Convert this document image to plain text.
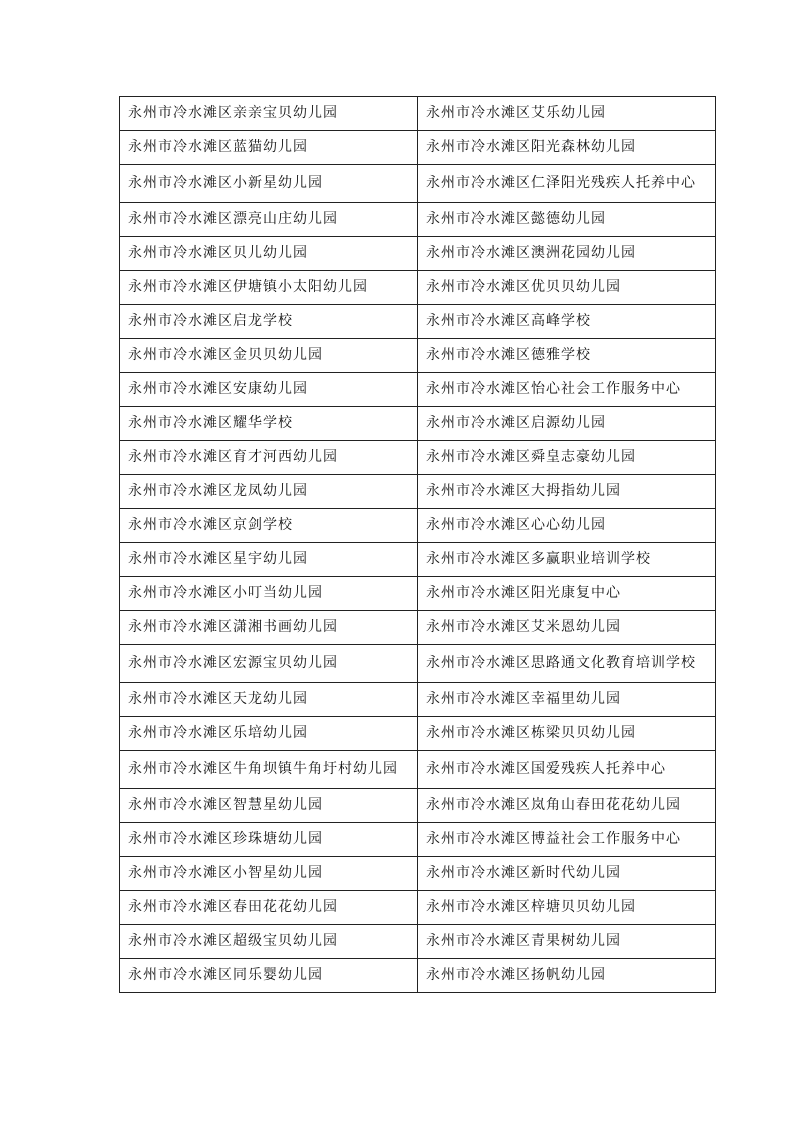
永州市冷水滩区亲亲宝贝幼儿园	永州市冷水滩区艾乐幼儿园
永州市冷水滩区蓝猫幼儿园	永州市冷水滩区阳光森林幼儿园
永州市冷水滩区小新星幼儿园	永州市冷水滩区仁泽阳光残疾人托养中心
永州市冷水滩区漂亮山庄幼儿园	永州市冷水滩区懿德幼儿园
永州市冷水滩区贝儿幼儿园	永州市冷水滩区澳洲花园幼儿园
永州市冷水滩区伊塘镇小太阳幼儿园	永州市冷水滩区优贝贝幼儿园
永州市冷水滩区启龙学校	永州市冷水滩区高峰学校
永州市冷水滩区金贝贝幼儿园	永州市冷水滩区德雅学校
永州市冷水滩区安康幼儿园	永州市冷水滩区怡心社会工作服务中心
永州市冷水滩区耀华学校	永州市冷水滩区启源幼儿园
永州市冷水滩区育才河西幼儿园	永州市冷水滩区舜皇志豪幼儿园
永州市冷水滩区龙凤幼儿园	永州市冷水滩区大拇指幼儿园
永州市冷水滩区京剑学校	永州市冷水滩区心心幼儿园
永州市冷水滩区星宇幼儿园	永州市冷水滩区多赢职业培训学校
永州市冷水滩区小叮当幼儿园	永州市冷水滩区阳光康复中心
永州市冷水滩区潇湘书画幼儿园	永州市冷水滩区艾米恩幼儿园
永州市冷水滩区宏源宝贝幼儿园	永州市冷水滩区思路通文化教育培训学校
永州市冷水滩区天龙幼儿园	永州市冷水滩区幸福里幼儿园
永州市冷水滩区乐培幼儿园	永州市冷水滩区栋梁贝贝幼儿园
永州市冷水滩区牛角坝镇牛角圩村幼儿园	永州市冷水滩区国爱残疾人托养中心
永州市冷水滩区智慧星幼儿园	永州市冷水滩区岚角山春田花花幼儿园
永州市冷水滩区珍珠塘幼儿园	永州市冷水滩区博益社会工作服务中心
永州市冷水滩区小智星幼儿园	永州市冷水滩区新时代幼儿园
永州市冷水滩区春田花花幼儿园	永州市冷水滩区梓塘贝贝幼儿园
永州市冷水滩区超级宝贝幼儿园	永州市冷水滩区青果树幼儿园
永州市冷水滩区同乐婴幼儿园	永州市冷水滩区扬帆幼儿园
